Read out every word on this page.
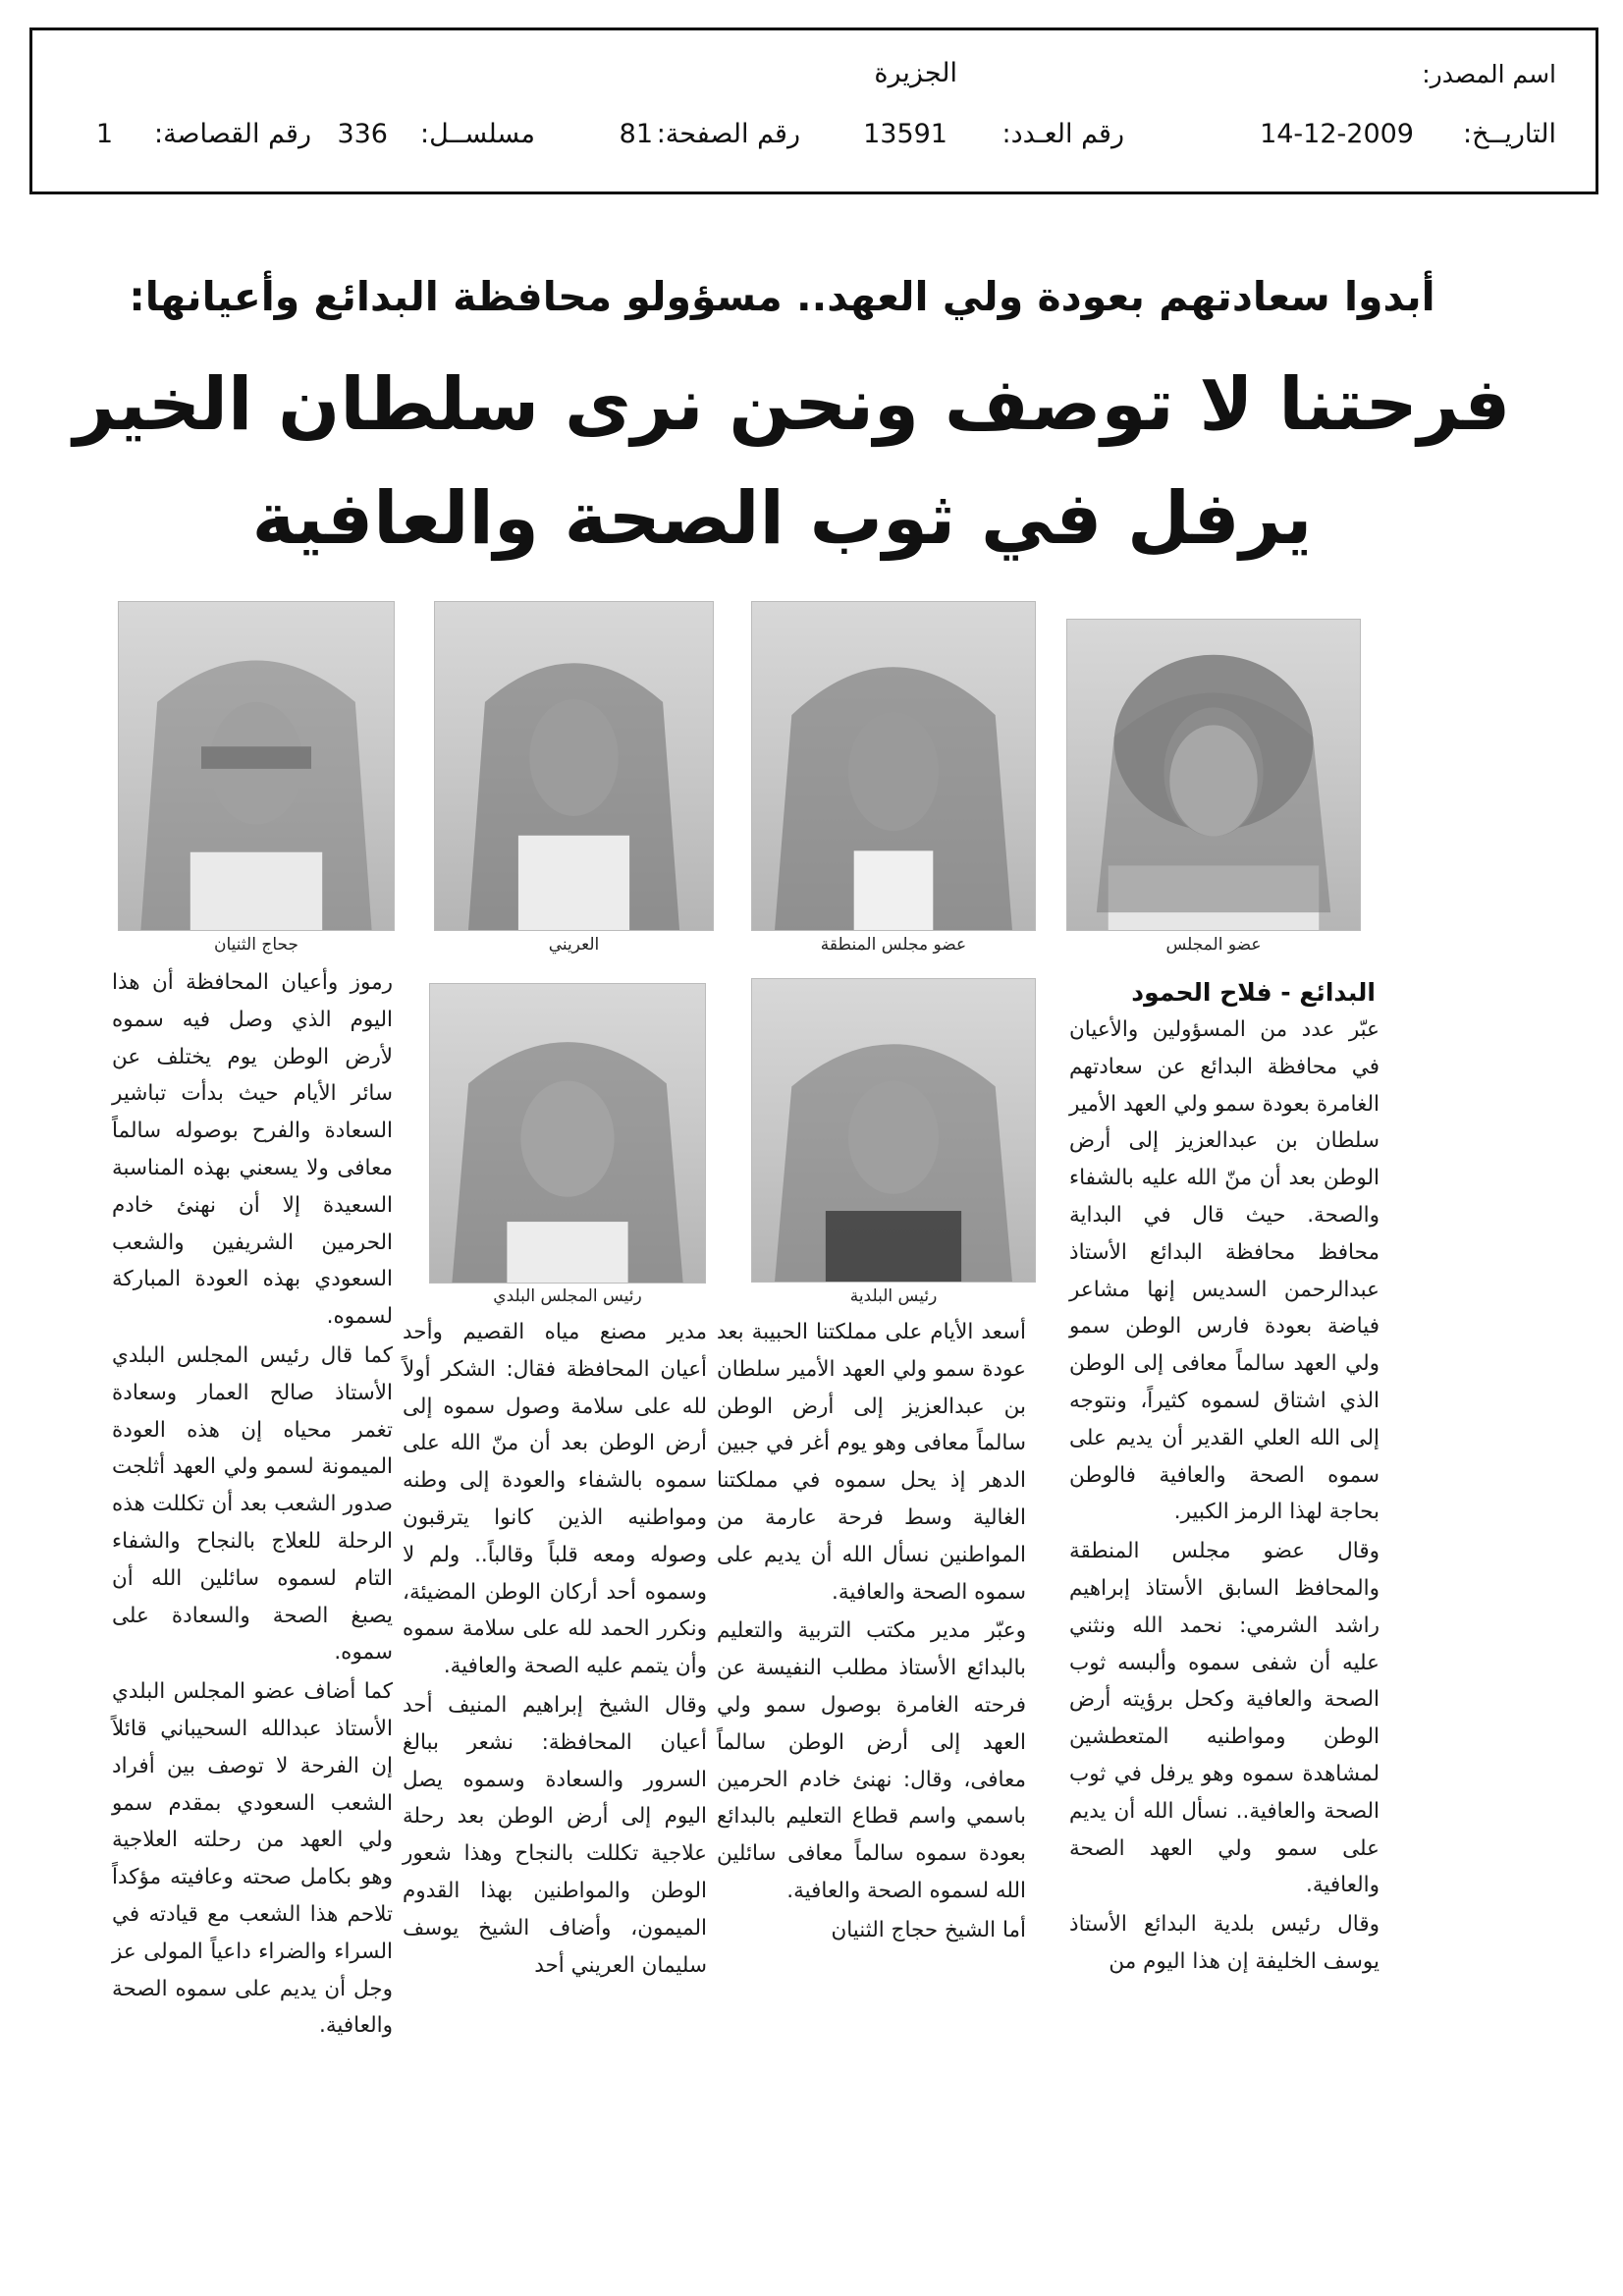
اسم المصدر:
الجزيرة
التاريــخ:
14-12-2009
رقم العـدد:
13591
رقم الصفحة:
81
مسلســل:
336
رقم القصاصة:
1
أبدوا سعادتهم بعودة ولي العهد.. مسؤولو محافظة البدائع وأعيانها:
فرحتنا لا توصف ونحن نرى سلطان الخير
يرفل في ثوب الصحة والعافية
عضو المجلس
عضو مجلس المنطقة
العريني
جحاج الثنيان
رئيس البلدية
رئيس المجلس البلدي
البدائع - فلاح الحمود

عبّر عدد من المسؤولين والأعيان في محافظة البدائع عن سعادتهم الغامرة بعودة سمو ولي العهد الأمير سلطان بن عبدالعزيز إلى أرض الوطن بعد أن منّ الله عليه بالشفاء والصحة. حيث قال في البداية محافظ محافظة البدائع الأستاذ عبدالرحمن السديس إنها مشاعر فياضة بعودة فارس الوطن سمو ولي العهد سالماً معافى إلى الوطن الذي اشتاق لسموه كثيراً، ونتوجه إلى الله العلي القدير أن يديم على سموه الصحة والعافية فالوطن بحاجة لهذا الرمز الكبير.

وقال عضو مجلس المنطقة والمحافظ السابق الأستاذ إبراهيم راشد الشرمي: نحمد الله ونثني عليه أن شفى سموه وألبسه ثوب الصحة والعافية وكحل برؤيته أرض الوطن ومواطنيه المتعطشين لمشاهدة سموه وهو يرفل في ثوب الصحة والعافية.. نسأل الله أن يديم على سمو ولي العهد الصحة والعافية.

وقال رئيس بلدية البدائع الأستاذ يوسف الخليفة إن هذا اليوم من

أسعد الأيام على مملكتنا الحبيبة بعد عودة سمو ولي العهد الأمير سلطان بن عبدالعزيز إلى أرض الوطن سالماً معافى وهو يوم أغر في جبين الدهر إذ يحل سموه في مملكتنا الغالية وسط فرحة عارمة من المواطنين نسأل الله أن يديم على سموه الصحة والعافية.

وعبّر مدير مكتب التربية والتعليم بالبدائع الأستاذ مطلب النفيسة عن فرحته الغامرة بوصول سمو ولي العهد إلى أرض الوطن سالماً معافى، وقال: نهنئ خادم الحرمين باسمي واسم قطاع التعليم بالبدائع بعودة سموه سالماً معافى سائلين الله لسموه الصحة والعافية.

أما الشيخ حجاج الثنيان

مدير مصنع مياه القصيم وأحد أعيان المحافظة فقال: الشكر أولاً لله على سلامة وصول سموه إلى أرض الوطن بعد أن منّ الله على سموه بالشفاء والعودة إلى وطنه ومواطنيه الذين كانوا يترقبون وصوله ومعه قلباً وقالباً.. ولم لا وسموه أحد أركان الوطن المضيئة، ونكرر الحمد لله على سلامة سموه وأن يتمم عليه الصحة والعافية.

وقال الشيخ إبراهيم المنيف أحد أعيان المحافظة: نشعر ببالغ السرور والسعادة وسموه يصل اليوم إلى أرض الوطن بعد رحلة علاجية تكللت بالنجاح وهذا شعور الوطن والمواطنين بهذا القدوم الميمون، وأضاف الشيخ يوسف سليمان العريني أحد

رموز وأعيان المحافظة أن هذا اليوم الذي وصل فيه سموه لأرض الوطن يوم يختلف عن سائر الأيام حيث بدأت تباشير السعادة والفرح بوصوله سالماً معافى ولا يسعني بهذه المناسبة السعيدة إلا أن نهنئ خادم الحرمين الشريفين والشعب السعودي بهذه العودة المباركة لسموه.

كما قال رئيس المجلس البلدي الأستاذ صالح العمار وسعادة تغمر محياه إن هذه العودة الميمونة لسمو ولي العهد أثلجت صدور الشعب بعد أن تكللت هذه الرحلة للعلاج بالنجاح والشفاء التام لسموه سائلين الله أن يصبغ الصحة والسعادة على سموه.

كما أضاف عضو المجلس البلدي الأستاذ عبدالله السحيباني قائلاً إن الفرحة لا توصف بين أفراد الشعب السعودي بمقدم سمو ولي العهد من رحلته العلاجية وهو بكامل صحته وعافيته مؤكداً تلاحم هذا الشعب مع قيادته في السراء والضراء داعياً المولى عز وجل أن يديم على سموه الصحة والعافية.
